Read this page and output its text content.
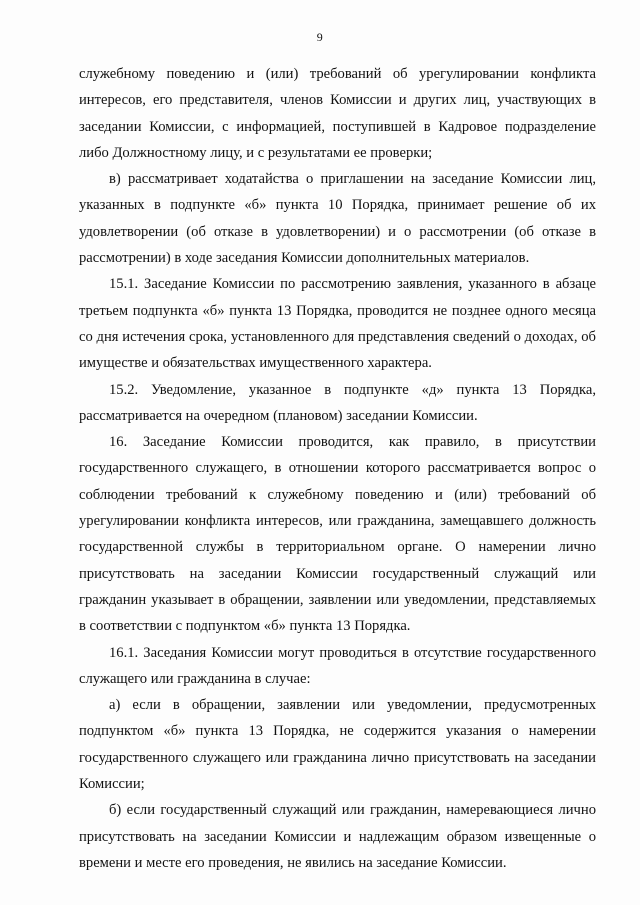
9

служебному поведению и (или) требований об урегулировании конфликта интересов, его представителя, членов Комиссии и других лиц, участвующих в заседании Комиссии, с информацией, поступившей в Кадровое подразделение либо Должностному лицу, и с результатами ее проверки;

в) рассматривает ходатайства о приглашении на заседание Комиссии лиц, указанных в подпункте «б» пункта 10 Порядка, принимает решение об их удовлетворении (об отказе в удовлетворении) и о рассмотрении (об отказе в рассмотрении) в ходе заседания Комиссии дополнительных материалов.

15.1. Заседание Комиссии по рассмотрению заявления, указанного в абзаце третьем подпункта «б» пункта 13 Порядка, проводится не позднее одного месяца со дня истечения срока, установленного для представления сведений о доходах, об имуществе и обязательствах имущественного характера.

15.2. Уведомление, указанное в подпункте «д» пункта 13 Порядка, рассматривается на очередном (плановом) заседании Комиссии.

16. Заседание Комиссии проводится, как правило, в присутствии государственного служащего, в отношении которого рассматривается вопрос о соблюдении требований к служебному поведению и (или) требований об урегулировании конфликта интересов, или гражданина, замещавшего должность государственной службы в территориальном органе. О намерении лично присутствовать на заседании Комиссии государственный служащий или гражданин указывает в обращении, заявлении или уведомлении, представляемых в соответствии с подпунктом «б» пункта 13 Порядка.

16.1. Заседания Комиссии могут проводиться в отсутствие государственного служащего или гражданина в случае:

а) если в обращении, заявлении или уведомлении, предусмотренных подпунктом «б» пункта 13 Порядка, не содержится указания о намерении государственного служащего или гражданина лично присутствовать на заседании Комиссии;

б) если государственный служащий или гражданин, намеревающиеся лично присутствовать на заседании Комиссии и надлежащим образом извещенные о времени и месте его проведения, не явились на заседание Комиссии.
